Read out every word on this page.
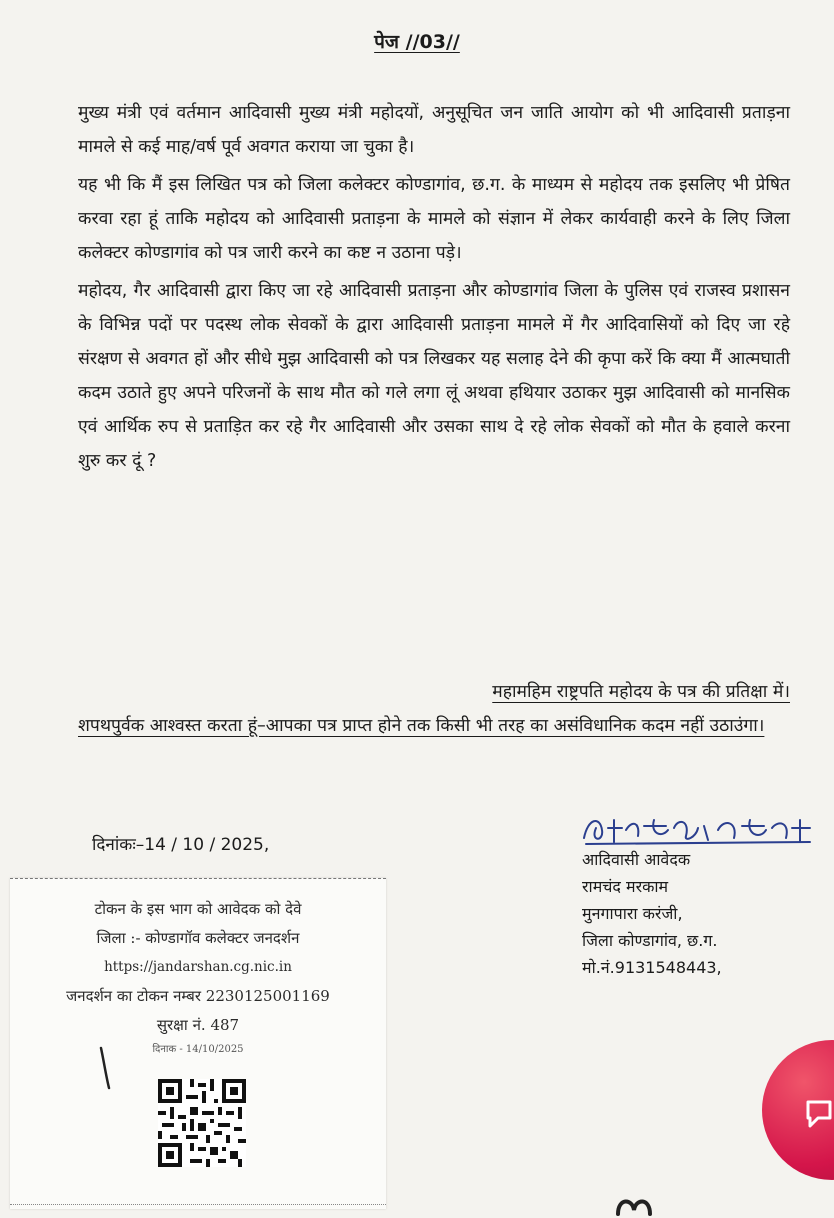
पेज //03//

मुख्य मंत्री एवं वर्तमान आदिवासी मुख्य मंत्री महोदयों, अनुसूचित जन जाति आयोग को भी आदिवासी प्रताड़ना मामले से कई माह/वर्ष पूर्व अवगत कराया जा चुका है।

यह भी कि मैं इस लिखित पत्र को जिला कलेक्टर कोण्डागांव, छ.ग. के माध्यम से महोदय तक इसलिए भी प्रेषित करवा रहा हूं ताकि महोदय को आदिवासी प्रताड़ना के मामले को संज्ञान में लेकर कार्यवाही करने के लिए जिला कलेक्टर कोण्डागांव को पत्र जारी करने का कष्ट न उठाना पड़े।

महोदय, गैर आदिवासी द्वारा किए जा रहे आदिवासी प्रताड़ना और कोण्डागांव जिला के पुलिस एवं राजस्व प्रशासन के विभिन्न पदों पर पदस्थ लोक सेवकों के द्वारा आदिवासी प्रताड़ना मामले में गैर आदिवासियों को दिए जा रहे संरक्षण से अवगत हों और सीधे मुझ आदिवासी को पत्र लिखकर यह सलाह देने की कृपा करें कि क्या मैं आत्मघाती कदम उठाते हुए अपने परिजनों के साथ मौत को गले लगा लूं अथवा हथियार उठाकर मुझ आदिवासी को मानसिक एवं आर्थिक रुप से प्रताड़ित कर रहे गैर आदिवासी और उसका साथ दे रहे लोक सेवकों को मौत के हवाले करना शुरु कर दूं ?

महामहिम राष्ट्रपति महोदय के पत्र की प्रतिक्षा में।
शपथपुर्वक आश्वस्त करता हूं–आपका पत्र प्राप्त होने तक किसी भी तरह का असंविधानिक कदम नहीं उठाउंगा।
दिनांकः–14 / 10 / 2025,
आदिवासी आवेदक
रामचंद मरकाम
मुनगापारा करंजी,
जिला कोण्डागांव, छ.ग.
मो.नं.9131548443,
टोकन के इस भाग को आवेदक को देवे
जिला :- कोण्डागॉव कलेक्टर जनदर्शन
https://jandarshan.cg.nic.in
जनदर्शन का टोकन नम्बर 2230125001169
सुरक्षा नं. 487
दिनाक - 14/10/2025
